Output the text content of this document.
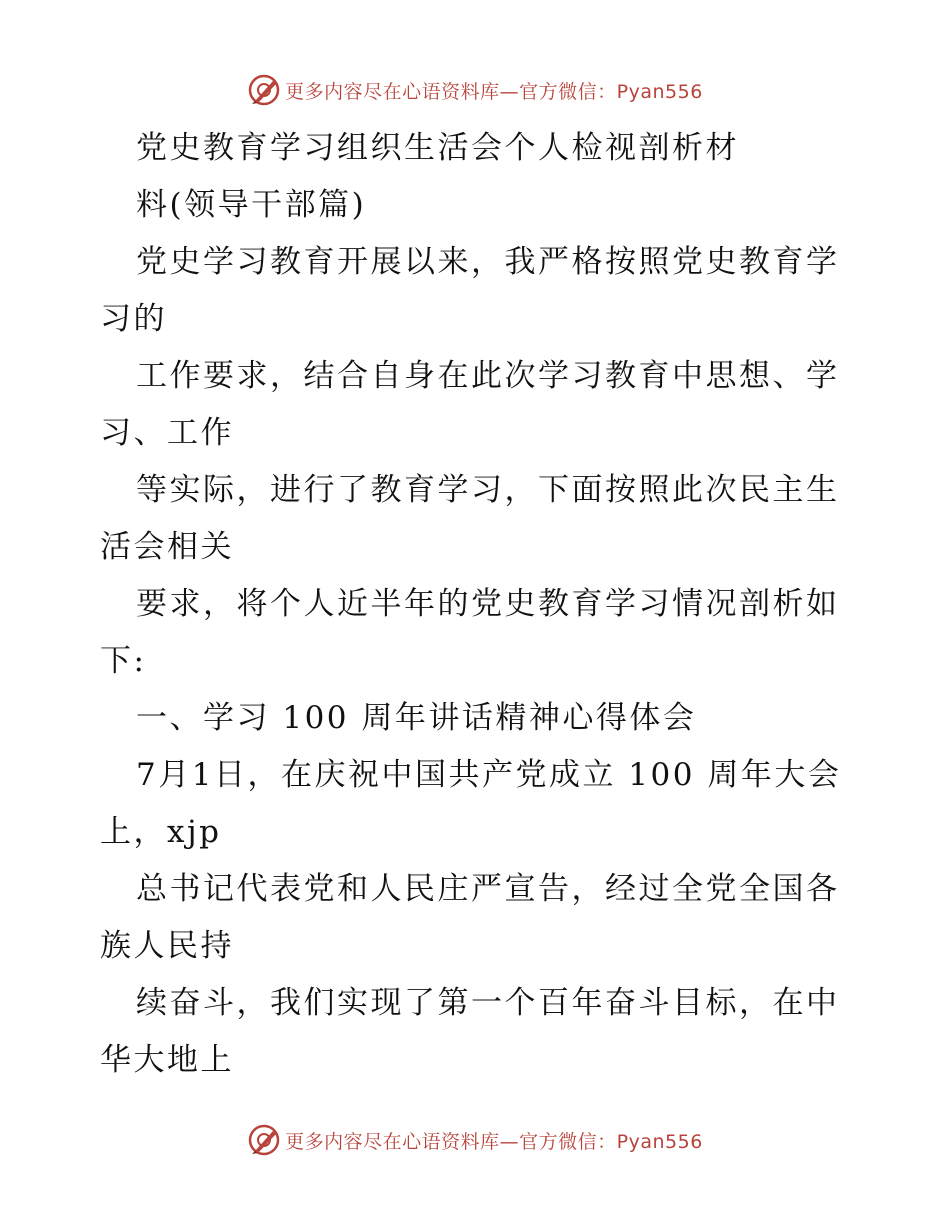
更多内容尽在心语资料库—官方微信：Pyan556
党史教育学习组织生活会个人检视剖析材
料(领导干部篇)
党史学习教育开展以来，我严格按照党史教育学
习的
工作要求，结合自身在此次学习教育中思想、学
习、工作
等实际，进行了教育学习，下面按照此次民主生
活会相关
要求，将个人近半年的党史教育学习情况剖析如
下:
一、学习 100 周年讲话精神心得体会
7月1日，在庆祝中国共产党成立 100 周年大会
上，xjp
总书记代表党和人民庄严宣告，经过全党全国各
族人民持
续奋斗，我们实现了第一个百年奋斗目标，在中
华大地上
更多内容尽在心语资料库—官方微信：Pyan556
